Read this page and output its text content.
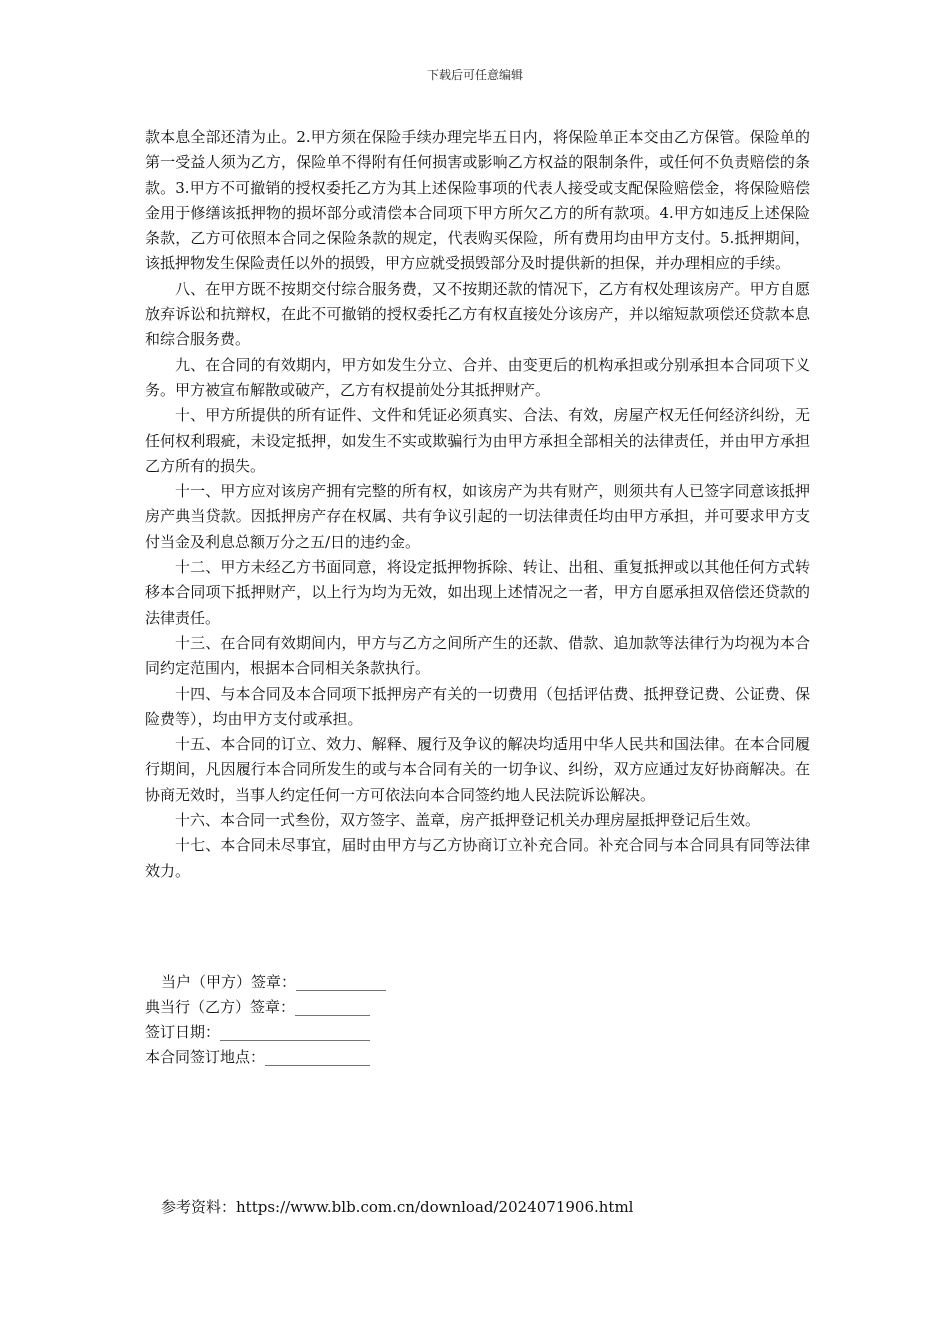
下载后可任意编辑

款本息全部还清为止。2.甲方须在保险手续办理完毕五日内，将保险单正本交由乙方保管。保险单的第一受益人须为乙方，保险单不得附有任何损害或影响乙方权益的限制条件，或任何不负责赔偿的条款。3.甲方不可撤销的授权委托乙方为其上述保险事项的代表人接受或支配保险赔偿金，将保险赔偿金用于修缮该抵押物的损坏部分或清偿本合同项下甲方所欠乙方的所有款项。4.甲方如违反上述保险条款，乙方可依照本合同之保险条款的规定，代表购买保险，所有费用均由甲方支付。5.抵押期间，该抵押物发生保险责任以外的损毁，甲方应就受损毁部分及时提供新的担保，并办理相应的手续。

八、在甲方既不按期交付综合服务费，又不按期还款的情况下，乙方有权处理该房产。甲方自愿放弃诉讼和抗辩权，在此不可撤销的授权委托乙方有权直接处分该房产，并以缩短款项偿还贷款本息和综合服务费。

九、在合同的有效期内，甲方如发生分立、合并、由变更后的机构承担或分别承担本合同项下义务。甲方被宣布解散或破产，乙方有权提前处分其抵押财产。

十、甲方所提供的所有证件、文件和凭证必须真实、合法、有效，房屋产权无任何经济纠纷，无任何权利瑕疵，未设定抵押，如发生不实或欺骗行为由甲方承担全部相关的法律责任，并由甲方承担乙方所有的损失。

十一、甲方应对该房产拥有完整的所有权，如该房产为共有财产，则须共有人已签字同意该抵押房产典当贷款。因抵押房产存在权属、共有争议引起的一切法律责任均由甲方承担，并可要求甲方支付当金及利息总额万分之五/日的违约金。

十二、甲方未经乙方书面同意，将设定抵押物拆除、转让、出租、重复抵押或以其他任何方式转移本合同项下抵押财产，以上行为均为无效，如出现上述情况之一者，甲方自愿承担双倍偿还贷款的法律责任。

十三、在合同有效期间内，甲方与乙方之间所产生的还款、借款、追加款等法律行为均视为本合同约定范围内，根据本合同相关条款执行。

十四、与本合同及本合同项下抵押房产有关的一切费用（包括评估费、抵押登记费、公证费、保险费等），均由甲方支付或承担。

十五、本合同的订立、效力、解释、履行及争议的解决均适用中华人民共和国法律。在本合同履行期间，凡因履行本合同所发生的或与本合同有关的一切争议、纠纷，双方应通过友好协商解决。在协商无效时，当事人约定任何一方可依法向本合同签约地人民法院诉讼解决。

十六、本合同一式叁份，双方签字、盖章，房产抵押登记机关办理房屋抵押登记后生效。

十七、本合同未尽事宜，届时由甲方与乙方协商订立补充合同。补充合同与本合同具有同等法律效力。

当户（甲方）签章：____________
典当行（乙方）签章：__________
签订日期：____________________
本合同签订地点：______________
参考资料：https://www.blb.com.cn/download/2024071906.html
